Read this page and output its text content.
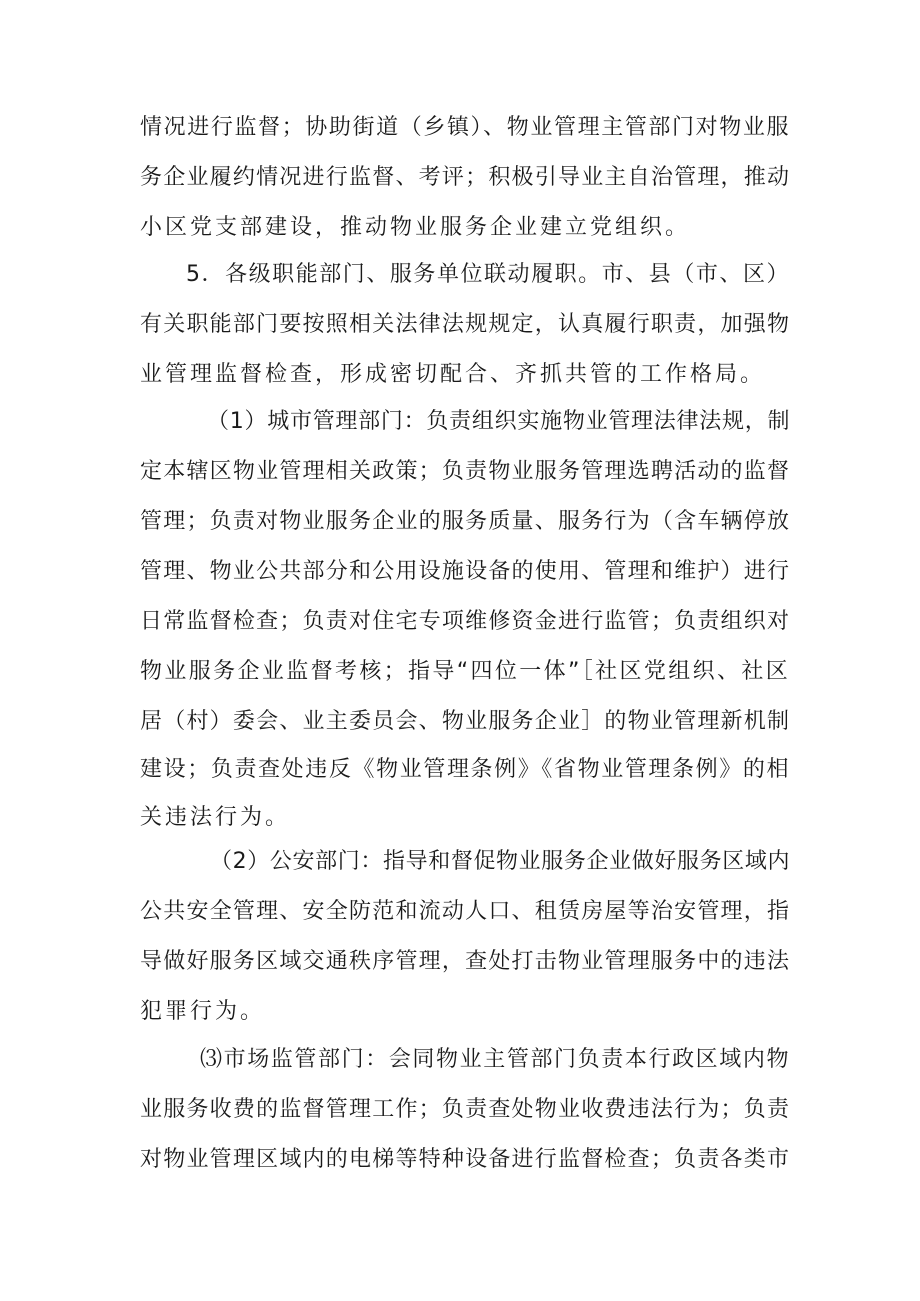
情况进行监督；协助街道（乡镇）、物业管理主管部门对物业服
务企业履约情况进行监督、考评；积极引导业主自治管理，推动
小区党支部建设，推动物业服务企业建立党组织。
5．各级职能部门、服务单位联动履职。市、县（市、区）
有关职能部门要按照相关法律法规规定，认真履行职责，加强物
业管理监督检查，形成密切配合、齐抓共管的工作格局。
（1）城市管理部门：负责组织实施物业管理法律法规，制
定本辖区物业管理相关政策；负责物业服务管理选聘活动的监督
管理；负责对物业服务企业的服务质量、服务行为（含车辆停放
管理、物业公共部分和公用设施设备的使用、管理和维护）进行
日常监督检查；负责对住宅专项维修资金进行监管；负责组织对
物业服务企业监督考核；指导“四位一体”［社区党组织、社区
居（村）委会、业主委员会、物业服务企业］的物业管理新机制
建设；负责查处违反《物业管理条例》《省物业管理条例》的相
关违法行为。
（2）公安部门：指导和督促物业服务企业做好服务区域内
公共安全管理、安全防范和流动人口、租赁房屋等治安管理，指
导做好服务区域交通秩序管理，查处打击物业管理服务中的违法
犯罪行为。
⑶市场监管部门：会同物业主管部门负责本行政区域内物
业服务收费的监督管理工作；负责查处物业收费违法行为；负责
对物业管理区域内的电梯等特种设备进行监督检查；负责各类市
